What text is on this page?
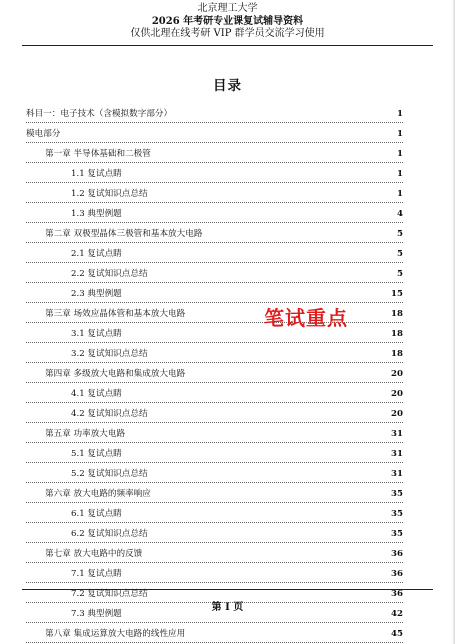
北京理工大学
2026 年考研专业课复试辅导资料
仅供北理在线考研 VIP 群学员交流学习使用
目录
科目一：电子技术（含模拟数字部分）	1
模电部分	1
第一章 半导体基础和二极管	1
1.1 复试点睛	1
1.2 复试知识点总结	1
1.3 典型例题	4
第二章 双极型晶体三极管和基本放大电路	5
2.1 复试点睛	5
2.2 复试知识点总结	5
2.3 典型例题	15
第三章 场效应晶体管和基本放大电路	18
3.1 复试点睛	18
3.2 复试知识点总结	18
第四章 多级放大电路和集成放大电路	20
4.1 复试点睛	20
4.2 复试知识点总结	20
第五章 功率放大电路	31
5.1 复试点睛	31
5.2 复试知识点总结	31
第六章 放大电路的频率响应	35
6.1 复试点睛	35
6.2 复试知识点总结	35
第七章 放大电路中的反馈	36
7.1 复试点睛	36
7.2 复试知识点总结	36
7.3 典型例题	42
第八章 集成运算放大电路的线性应用	45
笔试重点
第 I 页
